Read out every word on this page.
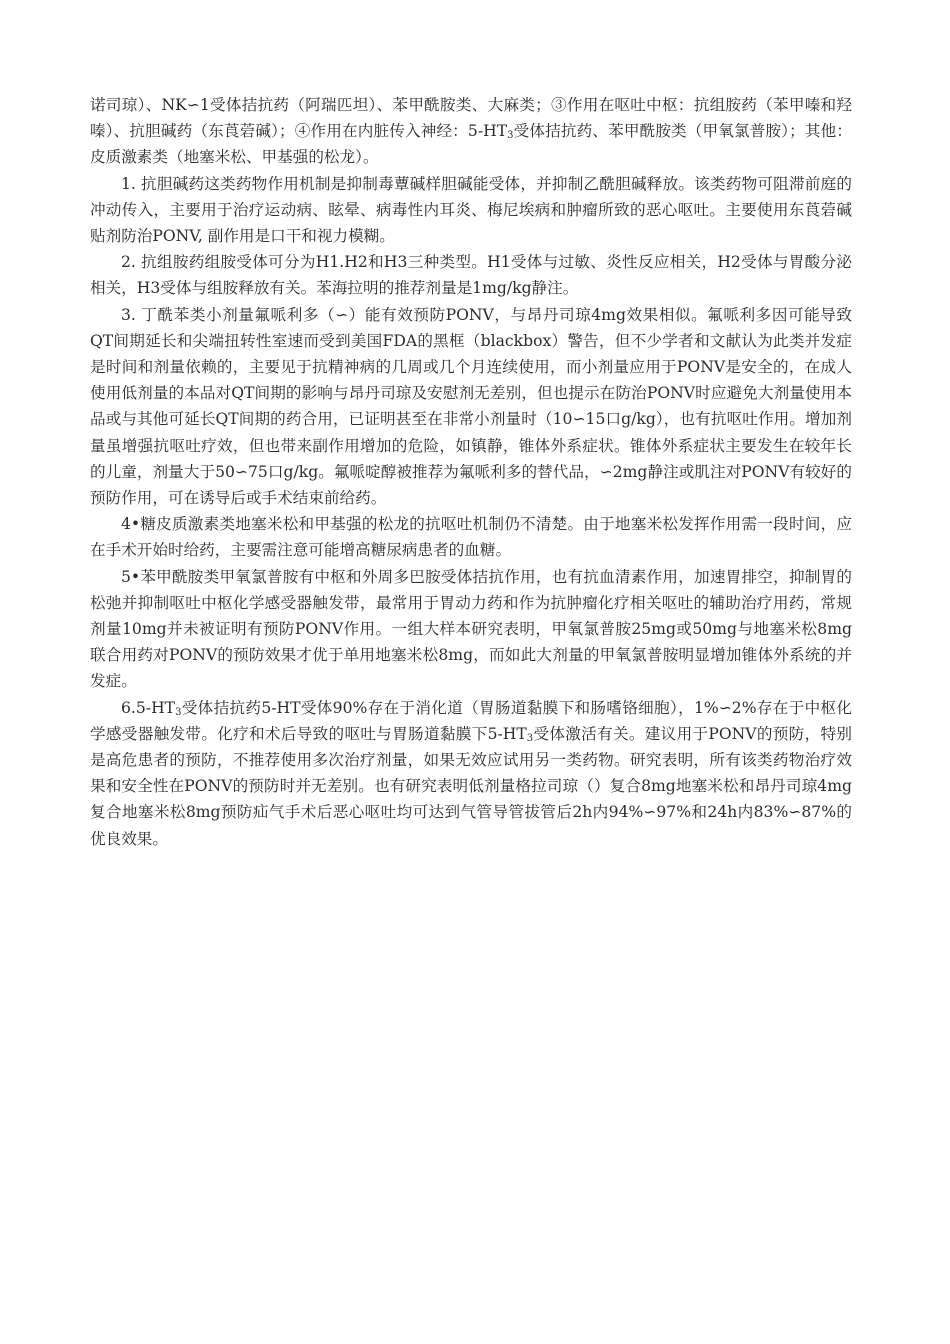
诺司琼）、NK∽1受体拮抗药（阿瑞匹坦）、苯甲酰胺类、大麻类；③作用在呕吐中枢：抗组胺药（苯甲嗪和羟嗪）、抗胆碱药（东莨菪碱）；④作用在内脏传入神经：$5-HT_3$受体拮抗药、苯甲酰胺类（甲氧氯普胺）；其他：皮质激素类（地塞米松、甲基强的松龙）。

1. 抗胆碱药这类药物作用机制是抑制毒蕈碱样胆碱能受体，并抑制乙酰胆碱释放。该类药物可阻滞前庭的冲动传入，主要用于治疗运动病、眩晕、病毒性内耳炎、梅尼埃病和肿瘤所致的恶心呕吐。主要使用东莨菪碱贴剂防治PONV, 副作用是口干和视力模糊。

2. 抗组胺药组胺受体可分为H1.H2和H3三种类型。H1受体与过敏、炎性反应相关，H2受体与胃酸分泌相关，H3受体与组胺释放有关。苯海拉明的推荐剂量是1mg/kg静注。

3. 丁酰苯类小剂量氟哌利多（∽）能有效预防PONV，与昂丹司琼4mg效果相似。氟哌利多因可能导致QT间期延长和尖端扭转性室速而受到美国FDA的黑框（blackbox）警告，但不少学者和文献认为此类并发症是时间和剂量依赖的，主要见于抗精神病的几周或几个月连续使用，而小剂量应用于PONV是安全的，在成人使用低剂量的本品对QT间期的影响与昂丹司琼及安慰剂无差别，但也提示在防治PONV时应避免大剂量使用本品或与其他可延长QT间期的药合用，已证明甚至在非常小剂量时（10∽15口g/kg），也有抗呕吐作用。增加剂量虽增强抗呕吐疗效，但也带来副作用增加的危险，如镇静，锥体外系症状。锥体外系症状主要发生在较年长的儿童，剂量大于50∽75口g/kg。氟哌啶醇被推荐为氟哌利多的替代品，∽2mg静注或肌注对PONV有较好的预防作用，可在诱导后或手术结束前给药。

4•糖皮质激素类地塞米松和甲基强的松龙的抗呕吐机制仍不清楚。由于地塞米松发挥作用需一段时间，应在手术开始时给药，主要需注意可能增高糖尿病患者的血糖。

5•苯甲酰胺类甲氧氯普胺有中枢和外周多巴胺受体拮抗作用，也有抗血清素作用，加速胃排空，抑制胃的松弛并抑制呕吐中枢化学感受器触发带，最常用于胃动力药和作为抗肿瘤化疗相关呕吐的辅助治疗用药，常规剂量10mg并未被证明有预防PONV作用。一组大样本研究表明，甲氧氯普胺25mg或50mg与地塞米松8mg联合用药对PONV的预防效果才优于单用地塞米松8mg，而如此大剂量的甲氧氯普胺明显增加锥体外系统的并发症。

$6.5-HT_3$受体拮抗药5-HT受体90%存在于消化道（胃肠道黏膜下和肠嗜铬细胞），1%∽2%存在于中枢化学感受器触发带。化疗和术后导致的呕吐与胃肠道黏膜下$5-HT_3$受体激活有关。建议用于PONV的预防，特别是高危患者的预防，不推荐使用多次治疗剂量，如果无效应试用另一类药物。研究表明，所有该类药物治疗效果和安全性在PONV的预防时并无差别。也有研究表明低剂量格拉司琼（）复合8mg地塞米松和昂丹司琼4mg复合地塞米松8mg预防疝气手术后恶心呕吐均可达到气管导管拔管后2h内94%∽97%和24h内83%∽87%的优良效果。
